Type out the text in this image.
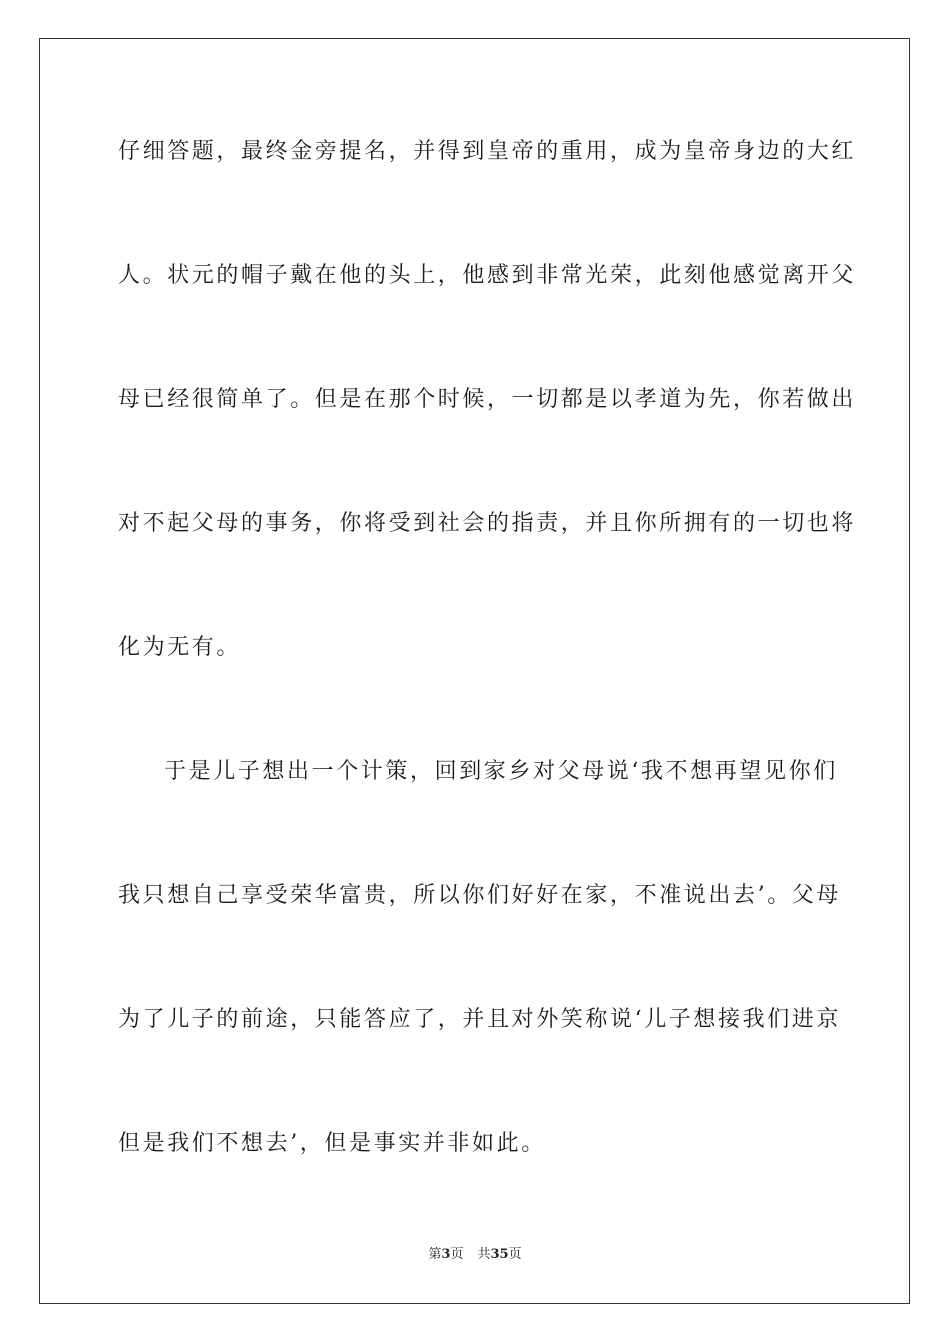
仔细答题，最终金旁提名，并得到皇帝的重用，成为皇帝身边的大红
人。状元的帽子戴在他的头上，他感到非常光荣，此刻他感觉离开父
母已经很简单了。但是在那个时候，一切都是以孝道为先，你若做出
对不起父母的事务，你将受到社会的指责，并且你所拥有的一切也将
化为无有。
于是儿子想出一个计策，回到家乡对父母说‘我不想再望见你们
我只想自己享受荣华富贵，所以你们好好在家，不准说出去’。父母
为了儿子的前途，只能答应了，并且对外笑称说‘儿子想接我们进京
但是我们不想去’，但是事实并非如此。
第3页 共35页
